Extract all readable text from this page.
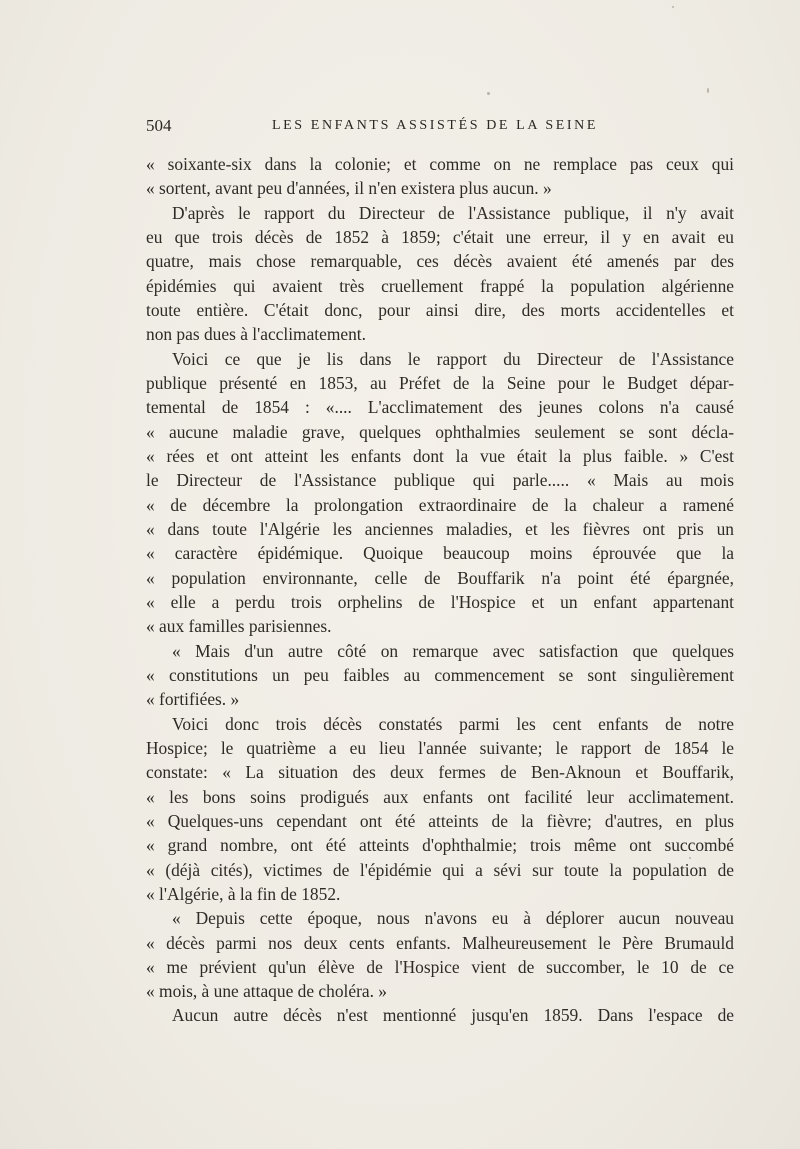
504	LES ENFANTS ASSISTÉS DE LA SEINE
« soixante-six dans la colonie; et comme on ne remplace pas ceux qui
« sortent, avant peu d'années, il n'en existera plus aucun. »
D'après le rapport du Directeur de l'Assistance publique, il n'y avait
eu que trois décès de 1852 à 1859; c'était une erreur, il y en avait eu
quatre, mais chose remarquable, ces décès avaient été amenés par des
épidémies qui avaient très cruellement frappé la population algérienne
toute entière. C'était donc, pour ainsi dire, des morts accidentelles et
non pas dues à l'acclimatement.
Voici ce que je lis dans le rapport du Directeur de l'Assistance
publique présenté en 1853, au Préfet de la Seine pour le Budget dépar-
temental de 1854 : «.... L'acclimatement des jeunes colons n'a causé
« aucune maladie grave, quelques ophthalmies seulement se sont décla-
« rées et ont atteint les enfants dont la vue était la plus faible. » C'est
le Directeur de l'Assistance publique qui parle..... « Mais au mois
« de décembre la prolongation extraordinaire de la chaleur a ramené
« dans toute l'Algérie les anciennes maladies, et les fièvres ont pris un
« caractère épidémique. Quoique beaucoup moins éprouvée que la
« population environnante, celle de Bouffarik n'a point été épargnée,
« elle a perdu trois orphelins de l'Hospice et un enfant appartenant
« aux familles parisiennes.
« Mais d'un autre côté on remarque avec satisfaction que quelques
« constitutions un peu faibles au commencement se sont singulièrement
« fortifiées. »
Voici donc trois décès constatés parmi les cent enfants de notre
Hospice; le quatrième a eu lieu l'année suivante; le rapport de 1854 le
constate: « La situation des deux fermes de Ben-Aknoun et Bouffarik,
« les bons soins prodigués aux enfants ont facilité leur acclimatement.
« Quelques-uns cependant ont été atteints de la fièvre; d'autres, en plus
« grand nombre, ont été atteints d'ophthalmie; trois même ont succombé
« (déjà cités), victimes de l'épidémie qui a sévi sur toute la population de
« l'Algérie, à la fin de 1852.
« Depuis cette époque, nous n'avons eu à déplorer aucun nouveau
« décès parmi nos deux cents enfants. Malheureusement le Père Brumauld
« me prévient qu'un élève de l'Hospice vient de succomber, le 10 de ce
« mois, à une attaque de choléra. »
Aucun autre décès n'est mentionné jusqu'en 1859. Dans l'espace de
